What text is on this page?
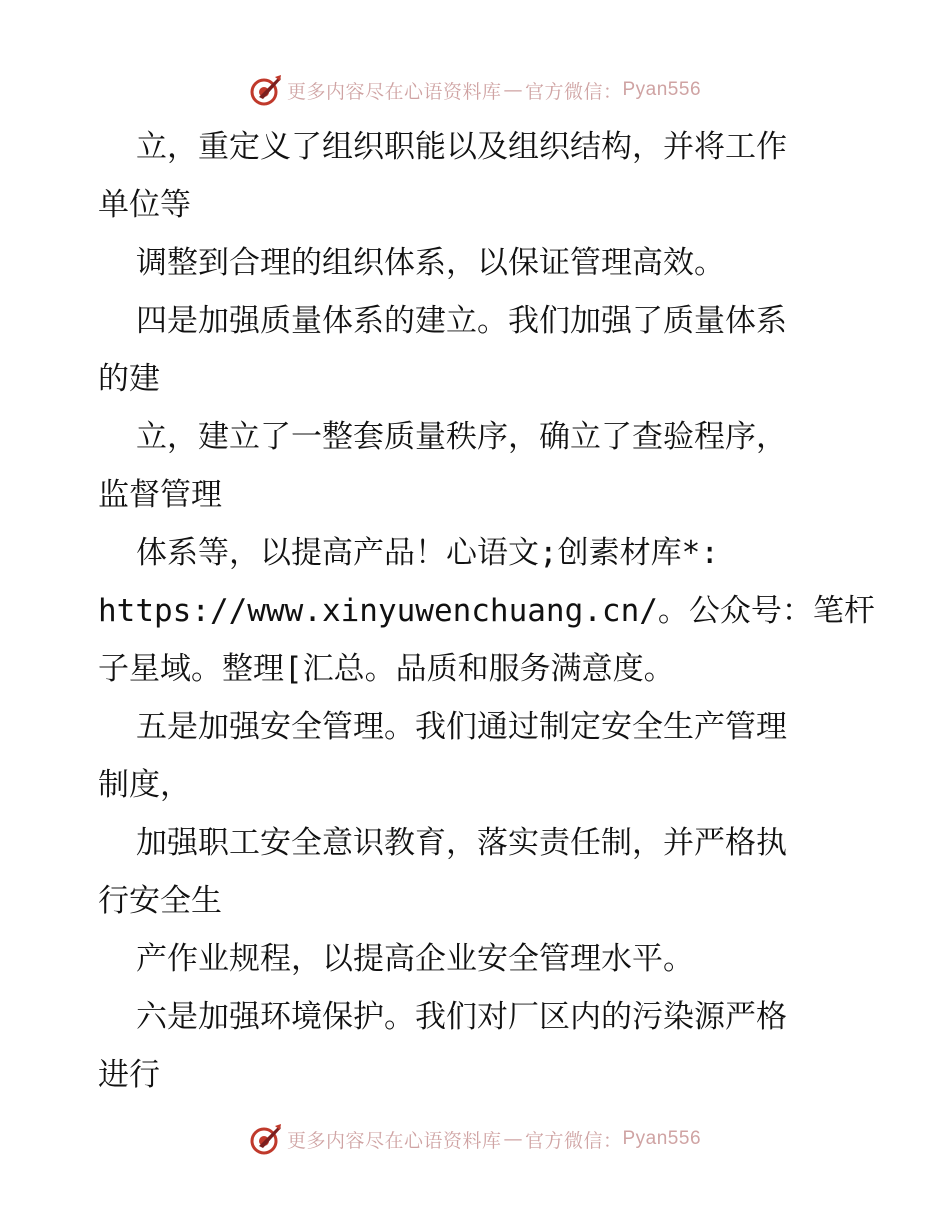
更多内容尽在心语资料库 — 官方微信： Pyan556
立，重定义了组织职能以及组织结构，并将工作
单位等
调整到合理的组织体系，以保证管理高效。
四是加强质量体系的建立。我们加强了质量体系
的建
立，建立了一整套质量秩序，确立了查验程序，
监督管理
体系等，以提高产品！心语文;创素材库*:
https://www.xinyuwenchuang.cn/。公众号：笔杆
子星域。整理[汇总。品质和服务满意度。
五是加强安全管理。我们通过制定安全生产管理
制度，
加强职工安全意识教育，落实责任制，并严格执
行安全生
产作业规程，以提高企业安全管理水平。
六是加强环境保护。我们对厂区内的污染源严格
进行
更多内容尽在心语资料库 — 官方微信： Pyan556
